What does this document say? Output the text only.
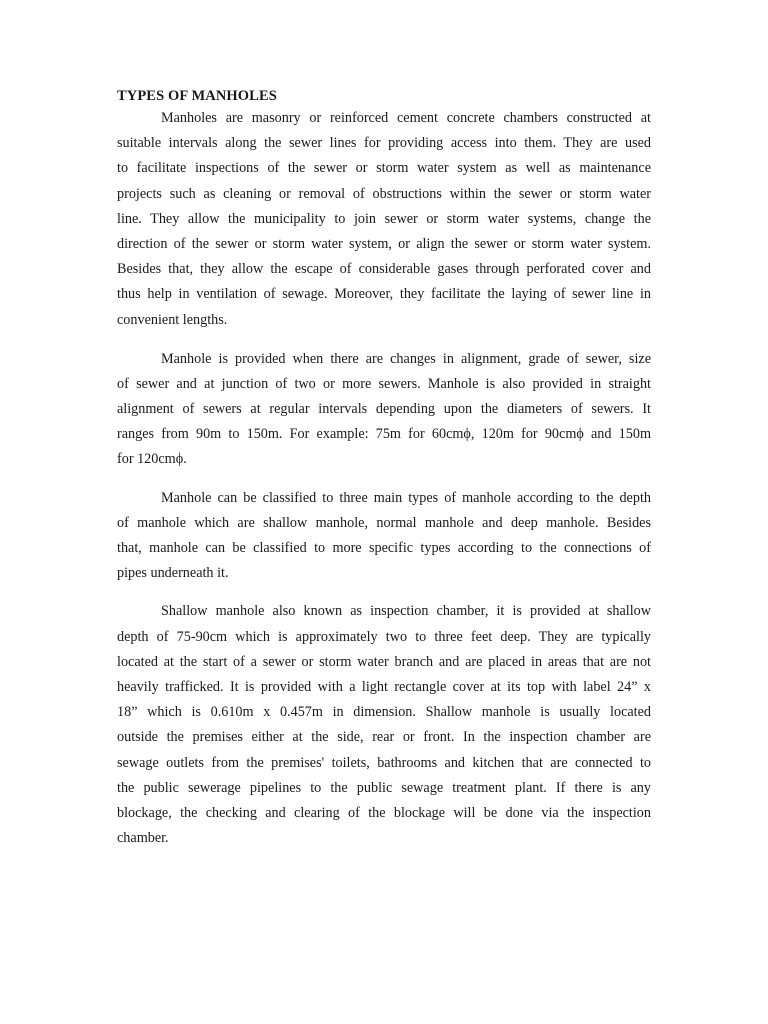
TYPES OF MANHOLES

Manholes are masonry or reinforced cement concrete chambers constructed at
suitable intervals along the sewer lines for providing access into them. They are used
to facilitate inspections of the sewer or storm water system as well as maintenance
projects such as cleaning or removal of obstructions within the sewer or storm water
line. They allow the municipality to join sewer or storm water systems, change the
direction of the sewer or storm water system, or align the sewer or storm water system.
Besides that, they allow the escape of considerable gases through perforated cover and
thus help in ventilation of sewage. Moreover, they facilitate the laying of sewer line in
convenient lengths.

Manhole is provided when there are changes in alignment, grade of sewer, size
of sewer and at junction of two or more sewers. Manhole is also provided in straight
alignment of sewers at regular intervals depending upon the diameters of sewers. It
ranges from 90m to 150m. For example: 75m for 60cmϕ, 120m for 90cmϕ and 150m
for 120cmϕ.

Manhole can be classified to three main types of manhole according to the depth
of manhole which are shallow manhole, normal manhole and deep manhole. Besides
that, manhole can be classified to more specific types according to the connections of
pipes underneath it.

Shallow manhole also known as inspection chamber, it is provided at shallow
depth of 75-90cm which is approximately two to three feet deep. They are typically
located at the start of a sewer or storm water branch and are placed in areas that are not
heavily trafficked. It is provided with a light rectangle cover at its top with label 24” x
18” which is 0.610m x 0.457m in dimension. Shallow manhole is usually located
outside the premises either at the side, rear or front. In the inspection chamber are
sewage outlets from the premises' toilets, bathrooms and kitchen that are connected to
the public sewerage pipelines to the public sewage treatment plant. If there is any
blockage, the checking and clearing of the blockage will be done via the inspection
chamber.
